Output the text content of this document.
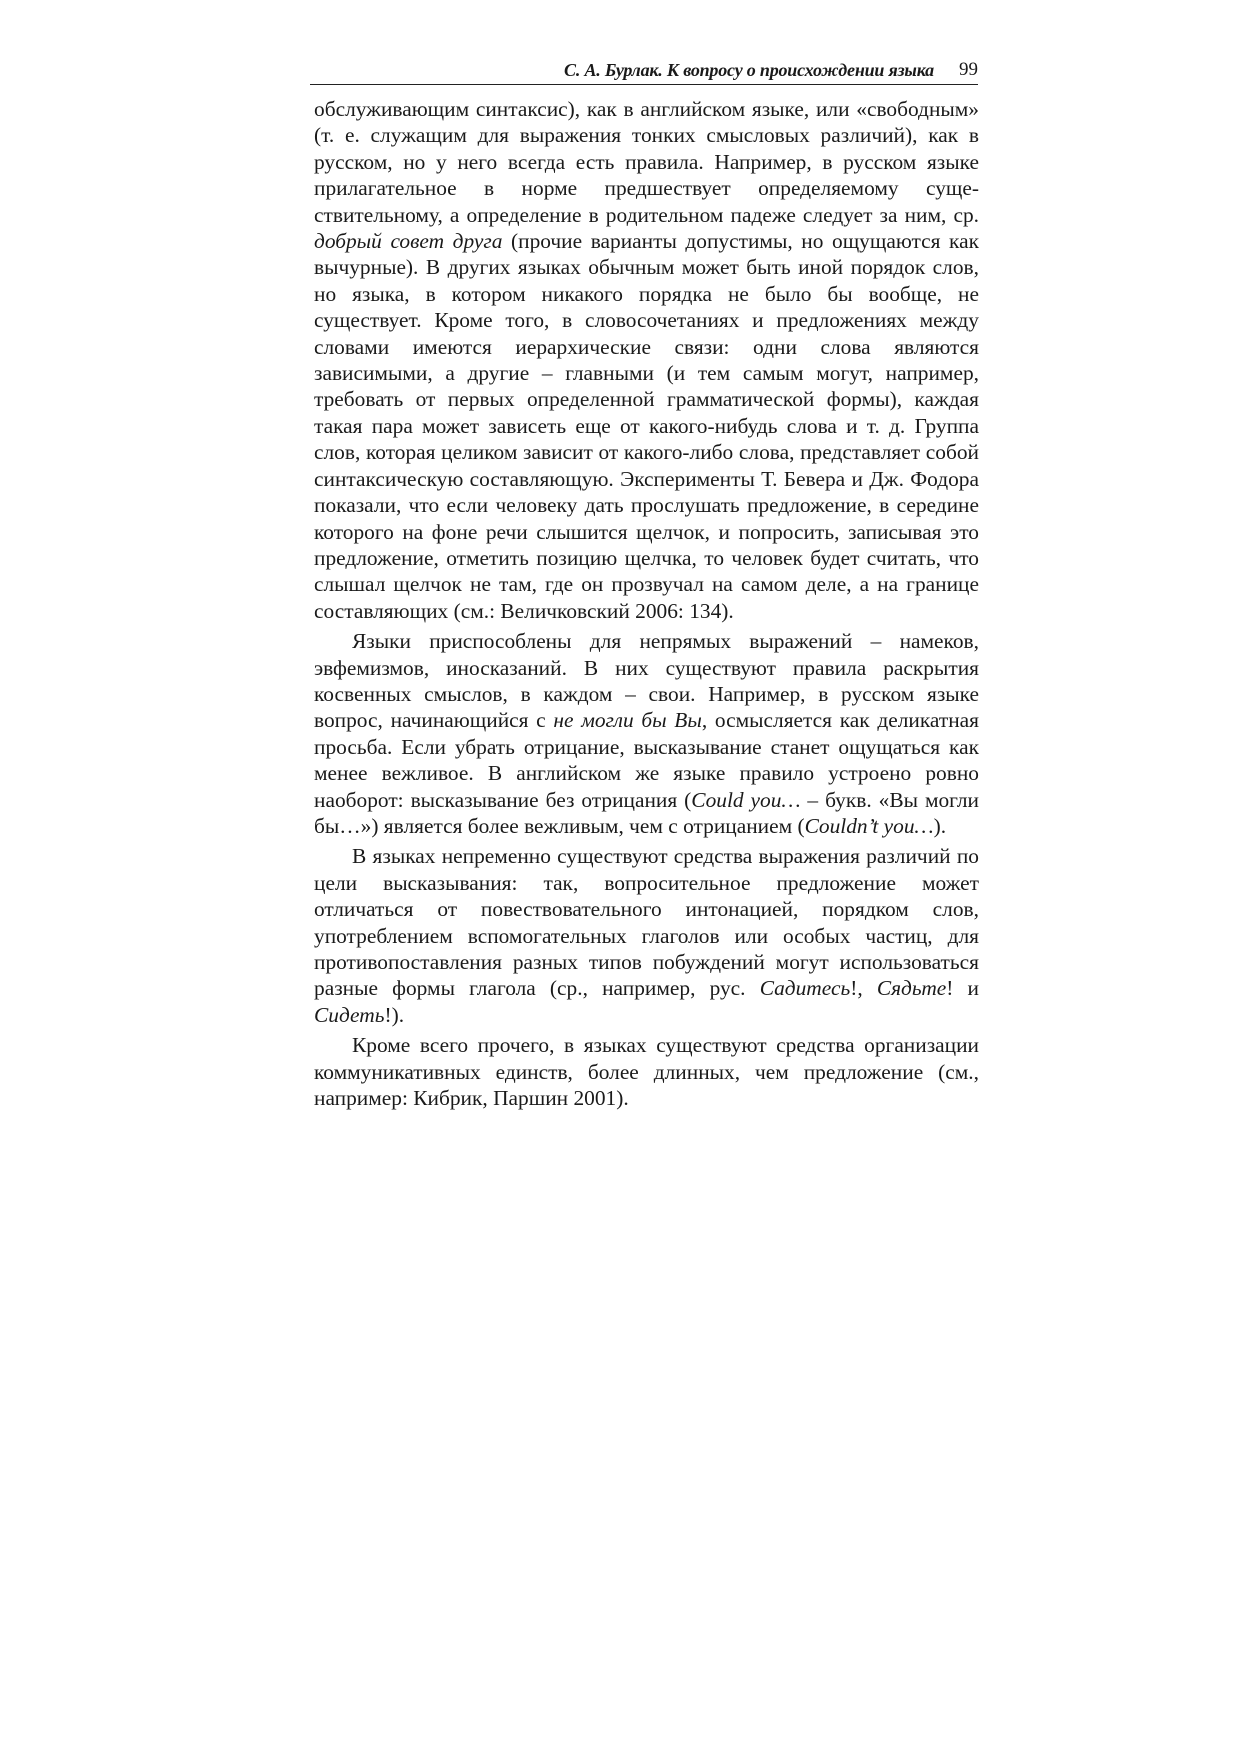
С. А. Бурлак. К вопросу о происхождении языка 99

обслуживающим синтаксис), как в английском языке, или «свободным» (т. е. служащим для выражения тонких смысловых различий), как в русском, но у него всегда есть правила. Например, в русском языке прилагательное в норме предшествует определяемому существительному, а определение в родительном падеже следует за ним, ср. добрый совет друга (прочие варианты допустимы, но ощущаются как вычурные). В других языках обычным может быть иной порядок слов, но языка, в котором никакого порядка не было бы вообще, не существует. Кроме того, в словосочетаниях и предложениях между словами имеются иерархические связи: одни слова являются зависимыми, а другие – главными (и тем самым могут, например, требовать от первых определенной грамматической формы), каждая такая пара может зависеть еще от какого-нибудь слова и т. д. Группа слов, которая целиком зависит от какого-либо слова, представляет собой синтаксическую составляющую. Эксперименты Т. Бевера и Дж. Фодора показали, что если человеку дать прослушать предложение, в середине которого на фоне речи слышится щелчок, и попросить, записывая это предложение, отметить позицию щелчка, то человек будет считать, что слышал щелчок не там, где он прозвучал на самом деле, а на границе составляющих (см.: Величковский 2006: 134).

Языки приспособлены для непрямых выражений – намеков, эвфемизмов, иносказаний. В них существуют правила раскрытия косвенных смыслов, в каждом – свои. Например, в русском языке вопрос, начинающийся с не могли бы Вы, осмысляется как деликатная просьба. Если убрать отрицание, высказывание станет ощущаться как менее вежливое. В английском же языке правило устроено ровно наоборот: высказывание без отрицания (Could you… – букв. «Вы могли бы…») является более вежливым, чем с отрицанием (Couldn’t you…).

В языках непременно существуют средства выражения различий по цели высказывания: так, вопросительное предложение может отличаться от повествовательного интонацией, порядком слов, употреблением вспомогательных глаголов или особых частиц, для противопоставления разных типов побуждений могут использоваться разные формы глагола (ср., например, рус. Садитесь!, Сядьте! и Сидеть!).

Кроме всего прочего, в языках существуют средства организации коммуникативных единств, более длинных, чем предложение (см., например: Кибрик, Паршин 2001).
